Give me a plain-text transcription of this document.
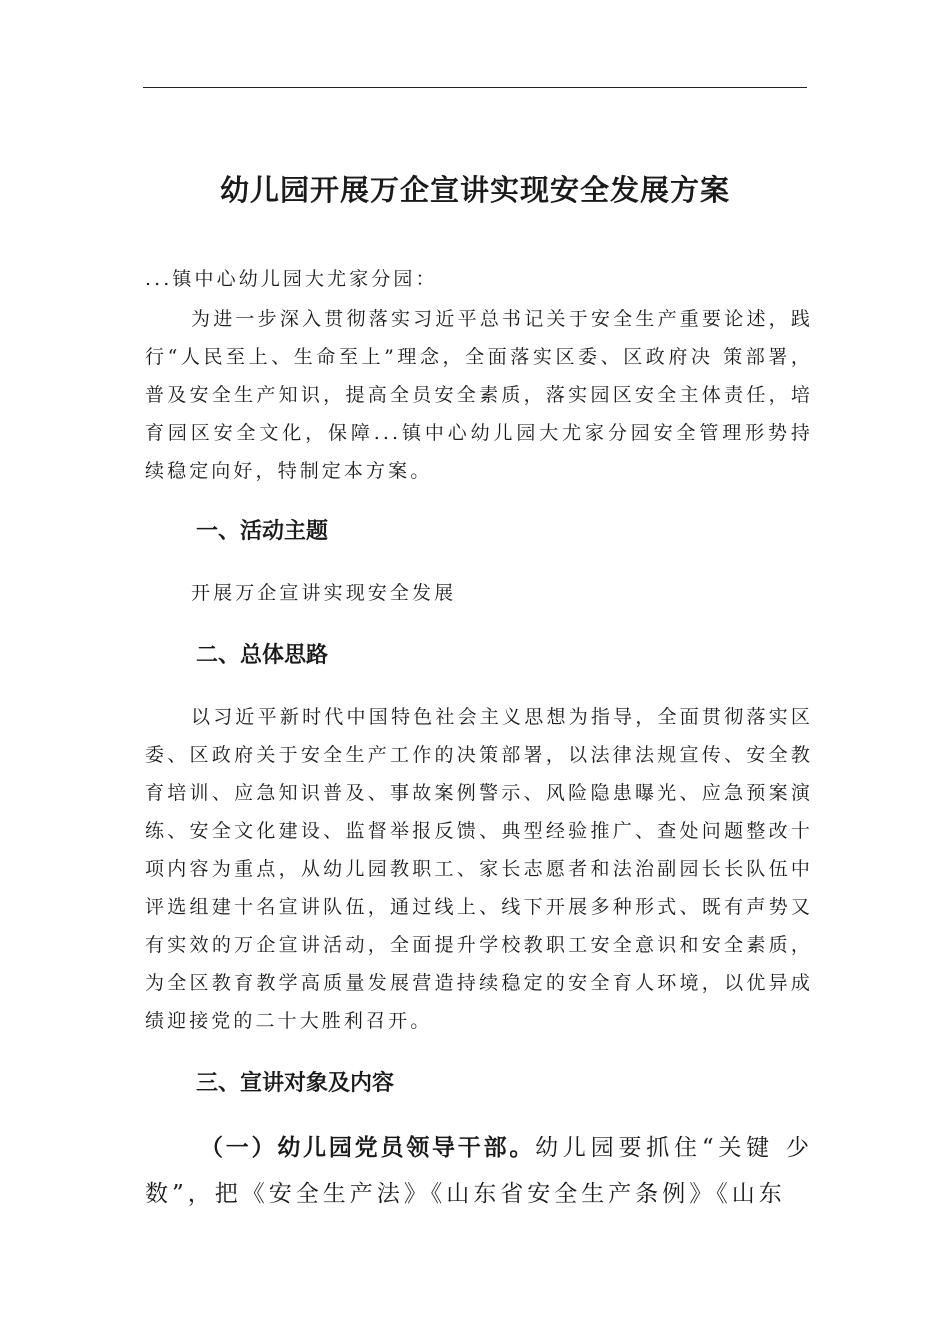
幼儿园开展万企宣讲实现安全发展方案

...镇中心幼儿园大尤家分园：

为进一步深入贯彻落实习近平总书记关于安全生产重要论述，践行“人民至上、生命至上”理念，全面落实区委、区政府决 策部署，普及安全生产知识，提高全员安全素质，落实园区安全主体责任，培育园区安全文化，保障...镇中心幼儿园大尤家分园安全管理形势持续稳定向好，特制定本方案。

一、活动主题

开展万企宣讲实现安全发展

二、总体思路

以习近平新时代中国特色社会主义思想为指导，全面贯彻落实区委、区政府关于安全生产工作的决策部署，以法律法规宣传、安全教育培训、应急知识普及、事故案例警示、风险隐患曝光、应急预案演练、安全文化建设、监督举报反馈、典型经验推广、查处问题整改十项内容为重点，从幼儿园教职工、家长志愿者和法治副园长长队伍中评选组建十名宣讲队伍，通过线上、线下开展多种形式、既有声势又有实效的万企宣讲活动，全面提升学校教职工安全意识和安全素质，为全区教育教学高质量发展营造持续稳定的安全育人环境，以优异成绩迎接党的二十大胜利召开。

三、宣讲对象及内容

（一）幼儿园党员领导干部。幼儿园要抓住“关键 少数”，把《安全生产法》《山东省安全生产条例》《山东
